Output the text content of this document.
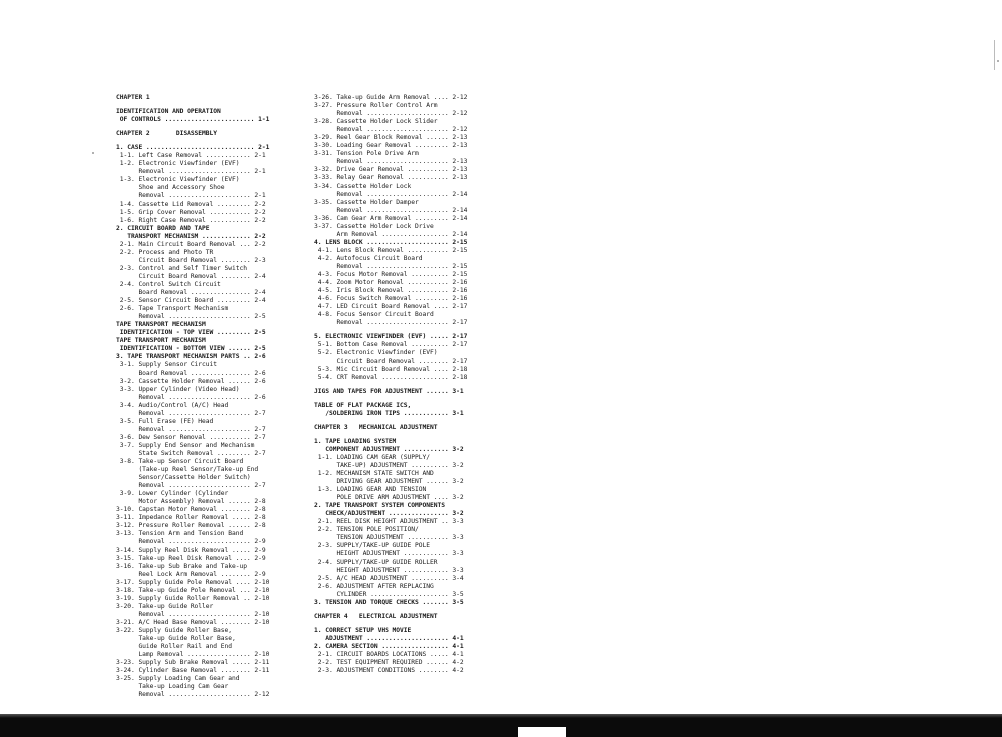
CHAPTER 1
IDENTIFICATION AND OPERATION
OF CONTROLS ........................ 1-1
CHAPTER 2       DISASSEMBLY
1. CASE ............................. 2-1
1-1. Left Case Removal ............ 2-1
1-2. Electronic Viewfinder (EVF)
Removal ...................... 2-1
1-3. Electronic Viewfinder (EVF)
Shoe and Accessory Shoe
Removal ...................... 2-1
1-4. Cassette Lid Removal ......... 2-2
1-5. Grip Cover Removal ........... 2-2
1-6. Right Case Removal ........... 2-2
2. CIRCUIT BOARD AND TAPE
TRANSPORT MECHANISM ............. 2-2
2-1. Main Circuit Board Removal ... 2-2
2-2. Process and Photo TR
Circuit Board Removal ........ 2-3
2-3. Control and Self Timer Switch
Circuit Board Removal ........ 2-4
2-4. Control Switch Circuit
Board Removal ................ 2-4
2-5. Sensor Circuit Board ......... 2-4
2-6. Tape Transport Mechanism
Removal ...................... 2-5
TAPE TRANSPORT MECHANISM
IDENTIFICATION - TOP VIEW ......... 2-5
TAPE TRANSPORT MECHANISM
IDENTIFICATION - BOTTOM VIEW ...... 2-5
3. TAPE TRANSPORT MECHANISM PARTS .. 2-6
3-1. Supply Sensor Circuit
Board Removal ................ 2-6
3-2. Cassette Holder Removal ...... 2-6
3-3. Upper Cylinder (Video Head)
Removal ...................... 2-6
3-4. Audio/Control (A/C) Head
Removal ...................... 2-7
3-5. Full Erase (FE) Head
Removal ...................... 2-7
3-6. Dew Sensor Removal ........... 2-7
3-7. Supply End Sensor and Mechanism
State Switch Removal ......... 2-7
3-8. Take-up Sensor Circuit Board
(Take-up Reel Sensor/Take-up End
Sensor/Cassette Holder Switch)
Removal ...................... 2-7
3-9. Lower Cylinder (Cylinder
Motor Assembly) Removal ...... 2-8
3-10. Capstan Motor Removal ........ 2-8
3-11. Impedance Roller Removal ..... 2-8
3-12. Pressure Roller Removal ...... 2-8
3-13. Tension Arm and Tension Band
Removal ...................... 2-9
3-14. Supply Reel Disk Removal ..... 2-9
3-15. Take-up Reel Disk Removal .... 2-9
3-16. Take-up Sub Brake and Take-up
Reel Lock Arm Removal ........ 2-9
3-17. Supply Guide Pole Removal .... 2-10
3-18. Take-up Guide Pole Removal ... 2-10
3-19. Supply Guide Roller Removal .. 2-10
3-20. Take-up Guide Roller
Removal ...................... 2-10
3-21. A/C Head Base Removal ........ 2-10
3-22. Supply Guide Roller Base,
Take-up Guide Roller Base,
Guide Roller Rail and End
Lamp Removal ................. 2-10
3-23. Supply Sub Brake Removal ..... 2-11
3-24. Cylinder Base Removal ........ 2-11
3-25. Supply Loading Cam Gear and
Take-up Loading Cam Gear
Removal ...................... 2-12
3-26. Take-up Guide Arm Removal .... 2-12
3-27. Pressure Roller Control Arm
Removal ...................... 2-12
3-28. Cassette Holder Lock Slider
Removal ...................... 2-12
3-29. Reel Gear Block Removal ...... 2-13
3-30. Loading Gear Removal ......... 2-13
3-31. Tension Pole Drive Arm
Removal ...................... 2-13
3-32. Drive Gear Removal ........... 2-13
3-33. Relay Gear Removal ........... 2-13
3-34. Cassette Holder Lock
Removal ...................... 2-14
3-35. Cassette Holder Damper
Removal ...................... 2-14
3-36. Cam Gear Arm Removal ......... 2-14
3-37. Cassette Holder Lock Drive
Arm Removal .................. 2-14
4. LENS BLOCK ...................... 2-15
4-1. Lens Block Removal ........... 2-15
4-2. Autofocus Circuit Board
Removal ...................... 2-15
4-3. Focus Motor Removal .......... 2-15
4-4. Zoom Motor Removal ........... 2-16
4-5. Iris Block Removal ........... 2-16
4-6. Focus Switch Removal ......... 2-16
4-7. LED Circuit Board Removal .... 2-17
4-8. Focus Sensor Circuit Board
Removal ...................... 2-17
5. ELECTRONIC VIEWFINDER (EVF) ..... 2-17
5-1. Bottom Case Removal .......... 2-17
5-2. Electronic Viewfinder (EVF)
Circuit Board Removal ........ 2-17
5-3. Mic Circuit Board Removal .... 2-18
5-4. CRT Removal .................. 2-18
JIGS AND TAPES FOR ADJUSTMENT ...... 3-1
TABLE OF FLAT PACKAGE ICS,
/SOLDERING IRON TIPS ............ 3-1
CHAPTER 3   MECHANICAL ADJUSTMENT
1. TAPE LOADING SYSTEM
COMPONENT ADJUSTMENT ............ 3-2
1-1. LOADING CAM GEAR (SUPPLY/
TAKE-UP) ADJUSTMENT .......... 3-2
1-2. MECHANISM STATE SWITCH AND
DRIVING GEAR ADJUSTMENT ...... 3-2
1-3. LOADING GEAR AND TENSION
POLE DRIVE ARM ADJUSTMENT .... 3-2
2. TAPE TRANSPORT SYSTEM COMPONENTS
CHECK/ADJUSTMENT ................ 3-2
2-1. REEL DISK HEIGHT ADJUSTMENT .. 3-3
2-2. TENSION POLE POSITION/
TENSION ADJUSTMENT ........... 3-3
2-3. SUPPLY/TAKE-UP GUIDE POLE
HEIGHT ADJUSTMENT ............ 3-3
2-4. SUPPLY/TAKE-UP GUIDE ROLLER
HEIGHT ADJUSTMENT ............ 3-3
2-5. A/C HEAD ADJUSTMENT .......... 3-4
2-6. ADJUSTMENT AFTER REPLACING
CYLINDER ..................... 3-5
3. TENSION AND TORQUE CHECKS ....... 3-5
CHAPTER 4   ELECTRICAL ADJUSTMENT
1. CORRECT SETUP VHS MOVIE
ADJUSTMENT ...................... 4-1
2. CAMERA SECTION .................. 4-1
2-1. CIRCUIT BOARDS LOCATIONS ..... 4-1
2-2. TEST EQUIPMENT REQUIRED ...... 4-2
2-3. ADJUSTMENT CONDITIONS ........ 4-2
